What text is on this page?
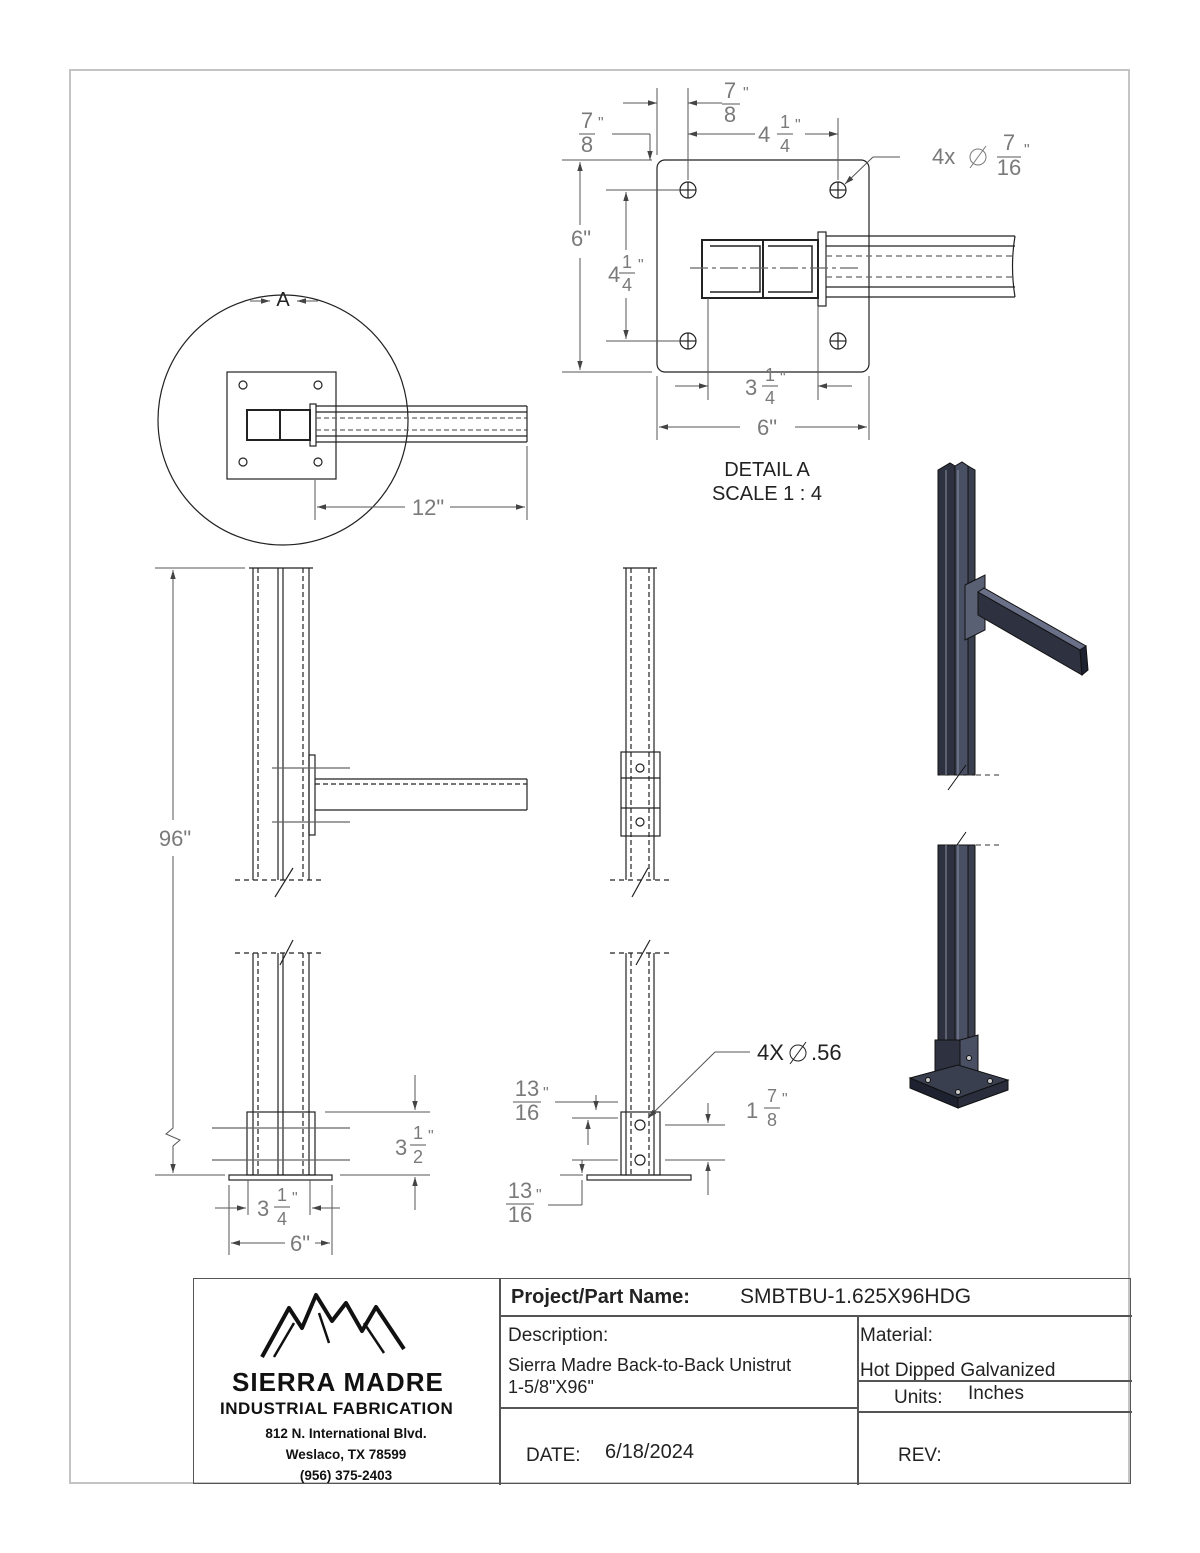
7
8
"
7
8
"	4 1
4
"
4x
7
16
"
6"
4 1
4
"
3 1
4
"
6"
DETAIL A
SCALE 1 : 4
A
12"
96"
3
1
2
"
3
1
4
"
6"
4X .56
13
16
"
13
16
"
1
7
8
"
SIERRA MADRE
INDUSTRIAL FABRICATION
812 N. International Blvd.
Weslaco, TX 78599
(956) 375-2403
Project/Part Name: SMBTBU-1.625X96HDG
Description:
Sierra Madre Back-to-Back Unistrut
1-5/8"X96"
Material:
Hot Dipped Galvanized
Units: Inches
DATE: 6/18/2024	REV:
